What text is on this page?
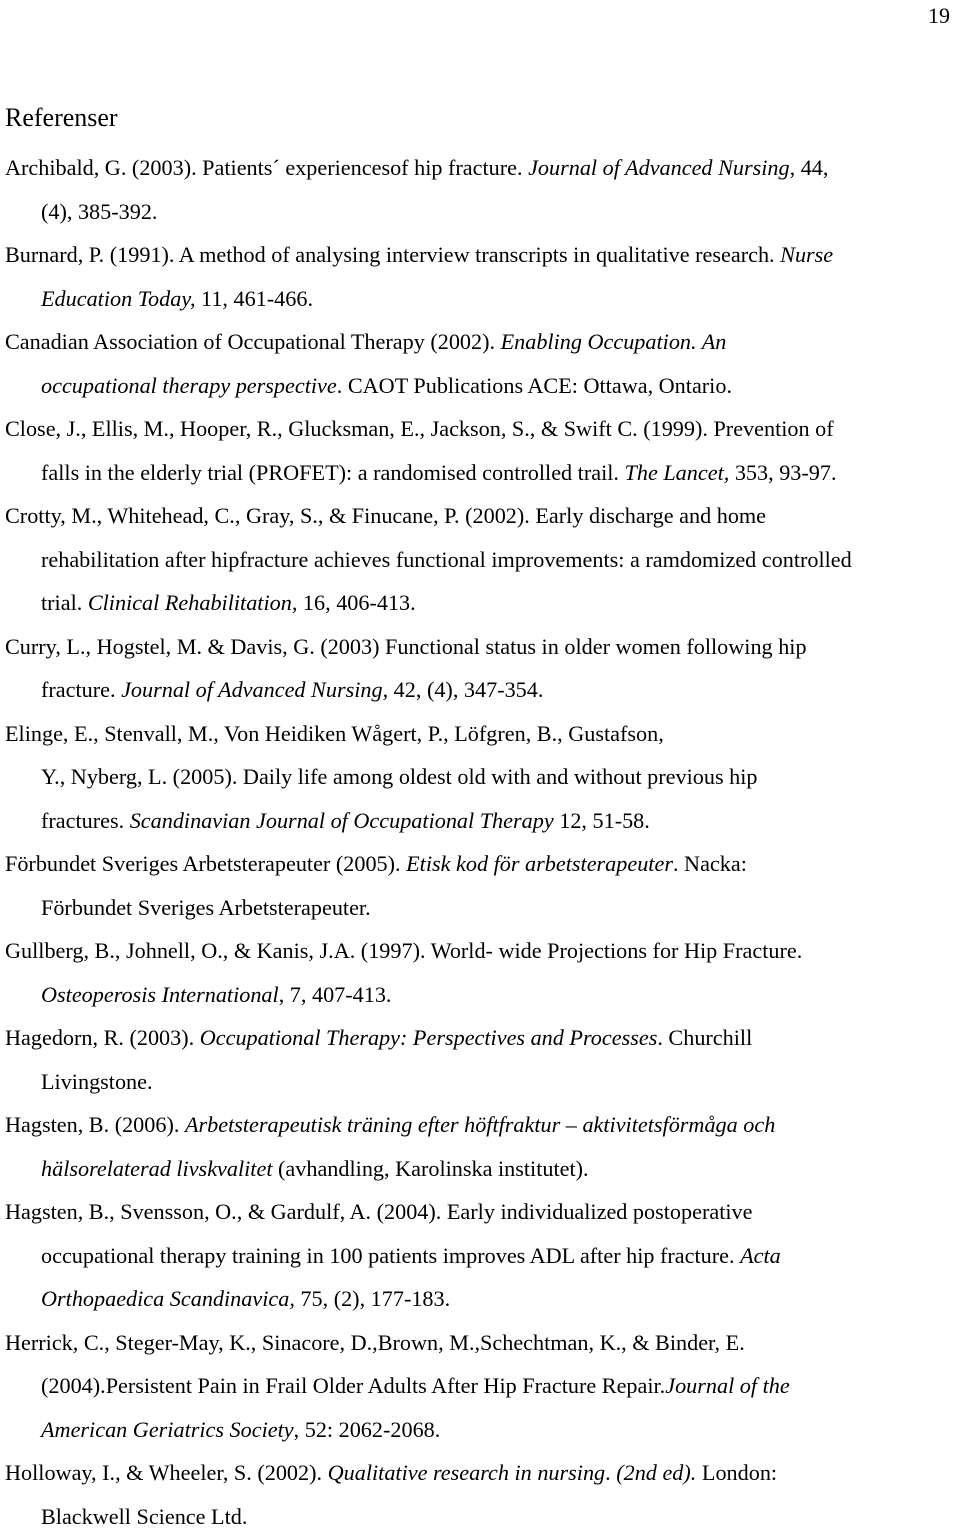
19
Referenser
Archibald, G. (2003). Patients´ experiencesof hip fracture. Journal of Advanced Nursing, 44,
(4), 385-392.
Burnard, P. (1991). A method of analysing interview transcripts in qualitative research. Nurse
Education Today, 11, 461-466.
Canadian Association of Occupational Therapy (2002). Enabling Occupation. An
occupational therapy perspective. CAOT Publications ACE: Ottawa, Ontario.
Close, J., Ellis, M., Hooper, R., Glucksman, E., Jackson, S., & Swift C. (1999). Prevention of
falls in the elderly trial (PROFET): a randomised controlled trail. The Lancet, 353, 93-97.
Crotty, M., Whitehead, C., Gray, S., & Finucane, P. (2002). Early discharge and home
rehabilitation after hipfracture achieves functional improvements: a ramdomized controlled
trial. Clinical Rehabilitation, 16, 406-413.
Curry, L., Hogstel, M. & Davis, G. (2003) Functional status in older women following hip
fracture. Journal of Advanced Nursing, 42, (4), 347-354.
Elinge, E., Stenvall, M., Von Heidiken Wågert, P., Löfgren, B., Gustafson,
Y., Nyberg, L. (2005). Daily life among oldest old with and without previous hip
fractures. Scandinavian Journal of Occupational Therapy 12, 51-58.
Förbundet Sveriges Arbetsterapeuter (2005). Etisk kod för arbetsterapeuter. Nacka:
Förbundet Sveriges Arbetsterapeuter.
Gullberg, B., Johnell, O., & Kanis, J.A. (1997). World- wide Projections for Hip Fracture.
Osteoperosis International, 7, 407-413.
Hagedorn, R. (2003). Occupational Therapy: Perspectives and Processes. Churchill
Livingstone.
Hagsten, B. (2006). Arbetsterapeutisk träning efter höftfraktur – aktivitetsförmåga och
hälsorelaterad livskvalitet (avhandling, Karolinska institutet).
Hagsten, B., Svensson, O., & Gardulf, A. (2004). Early individualized postoperative
occupational therapy training in 100 patients improves ADL after hip fracture. Acta
Orthopaedica Scandinavica, 75, (2), 177-183.
Herrick, C., Steger-May, K., Sinacore, D.,Brown, M.,Schechtman, K., & Binder, E.
(2004).Persistent Pain in Frail Older Adults After Hip Fracture Repair.Journal of the
American Geriatrics Society, 52: 2062-2068.
Holloway, I., & Wheeler, S. (2002). Qualitative research in nursing. (2nd ed). London:
Blackwell Science Ltd.
